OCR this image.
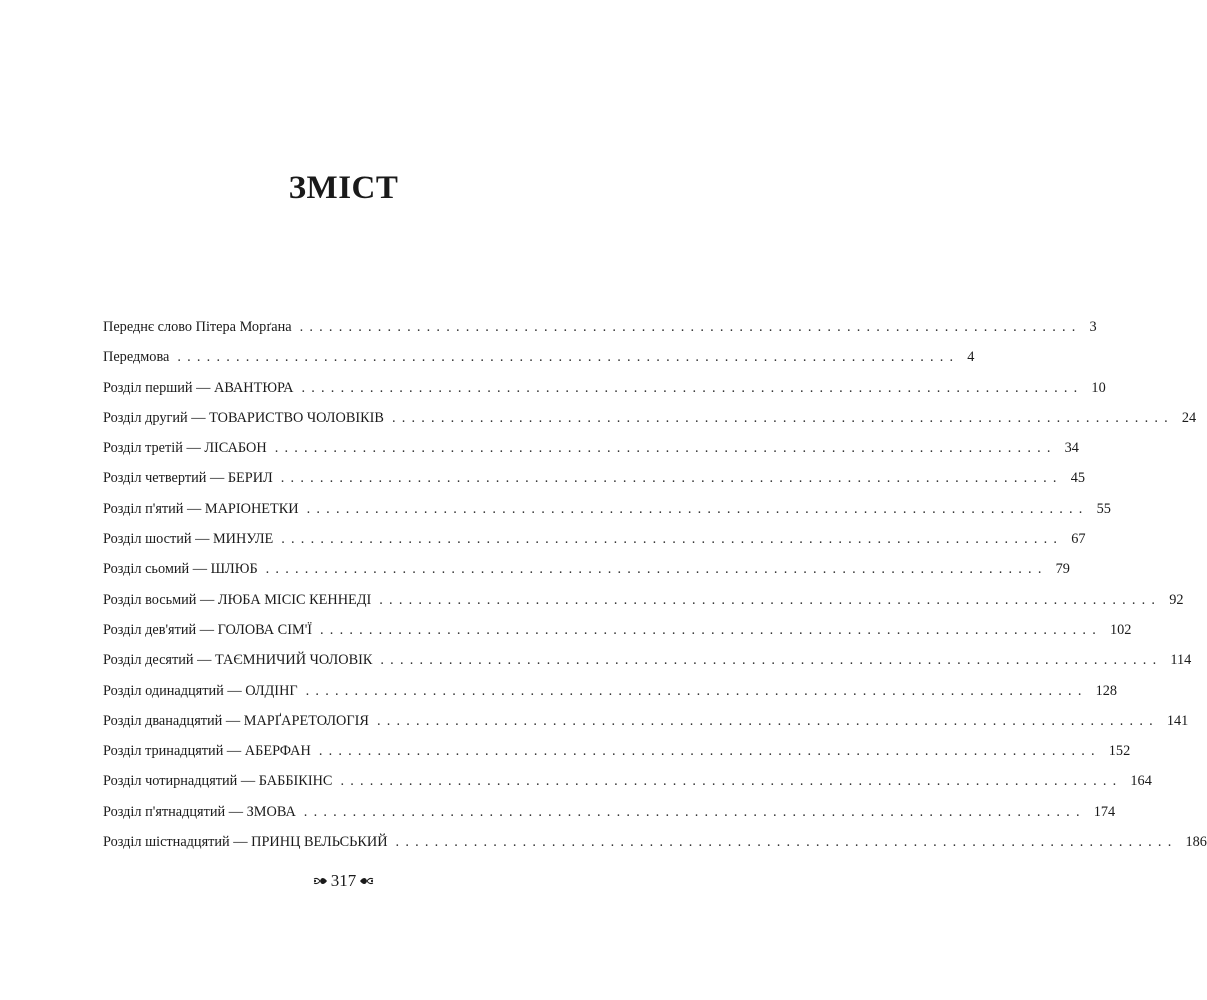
ЗМІСТ
Переднє слово Пітера Морґана ................................................................................ 3
Передмова ................................................................................ 4
Розділ перший — АВАНТЮРА ................................................................................ 10
Розділ другий — ТОВАРИСТВО ЧОЛОВІКІВ ................................................................................ 24
Розділ третій — ЛІСАБОН ................................................................................ 34
Розділ четвертий — БЕРИЛ ................................................................................ 45
Розділ п'ятий — МАРІОНЕТКИ ................................................................................ 55
Розділ шостий — МИНУЛЕ ................................................................................ 67
Розділ сьомий — ШЛЮБ ................................................................................ 79
Розділ восьмий — ЛЮБА МІСІС КЕННЕДІ ................................................................................ 92
Розділ дев'ятий — ГОЛОВА СІМ'Ї ................................................................................ 102
Розділ десятий — ТАЄМНИЧИЙ ЧОЛОВІК ................................................................................ 114
Розділ одинадцятий — ОЛДІНГ ................................................................................ 128
Розділ дванадцятий — МАРҐАРЕТОЛОГІЯ ................................................................................ 141
Розділ тринадцятий — АБЕРФАН ................................................................................ 152
Розділ чотирнадцятий — БАББІКІНС ................................................................................ 164
Розділ п'ятнадцятий — ЗМОВА ................................................................................ 174
Розділ шістнадцятий — ПРИНЦ ВЕЛЬСЬКИЙ ................................................................................ 186
317
